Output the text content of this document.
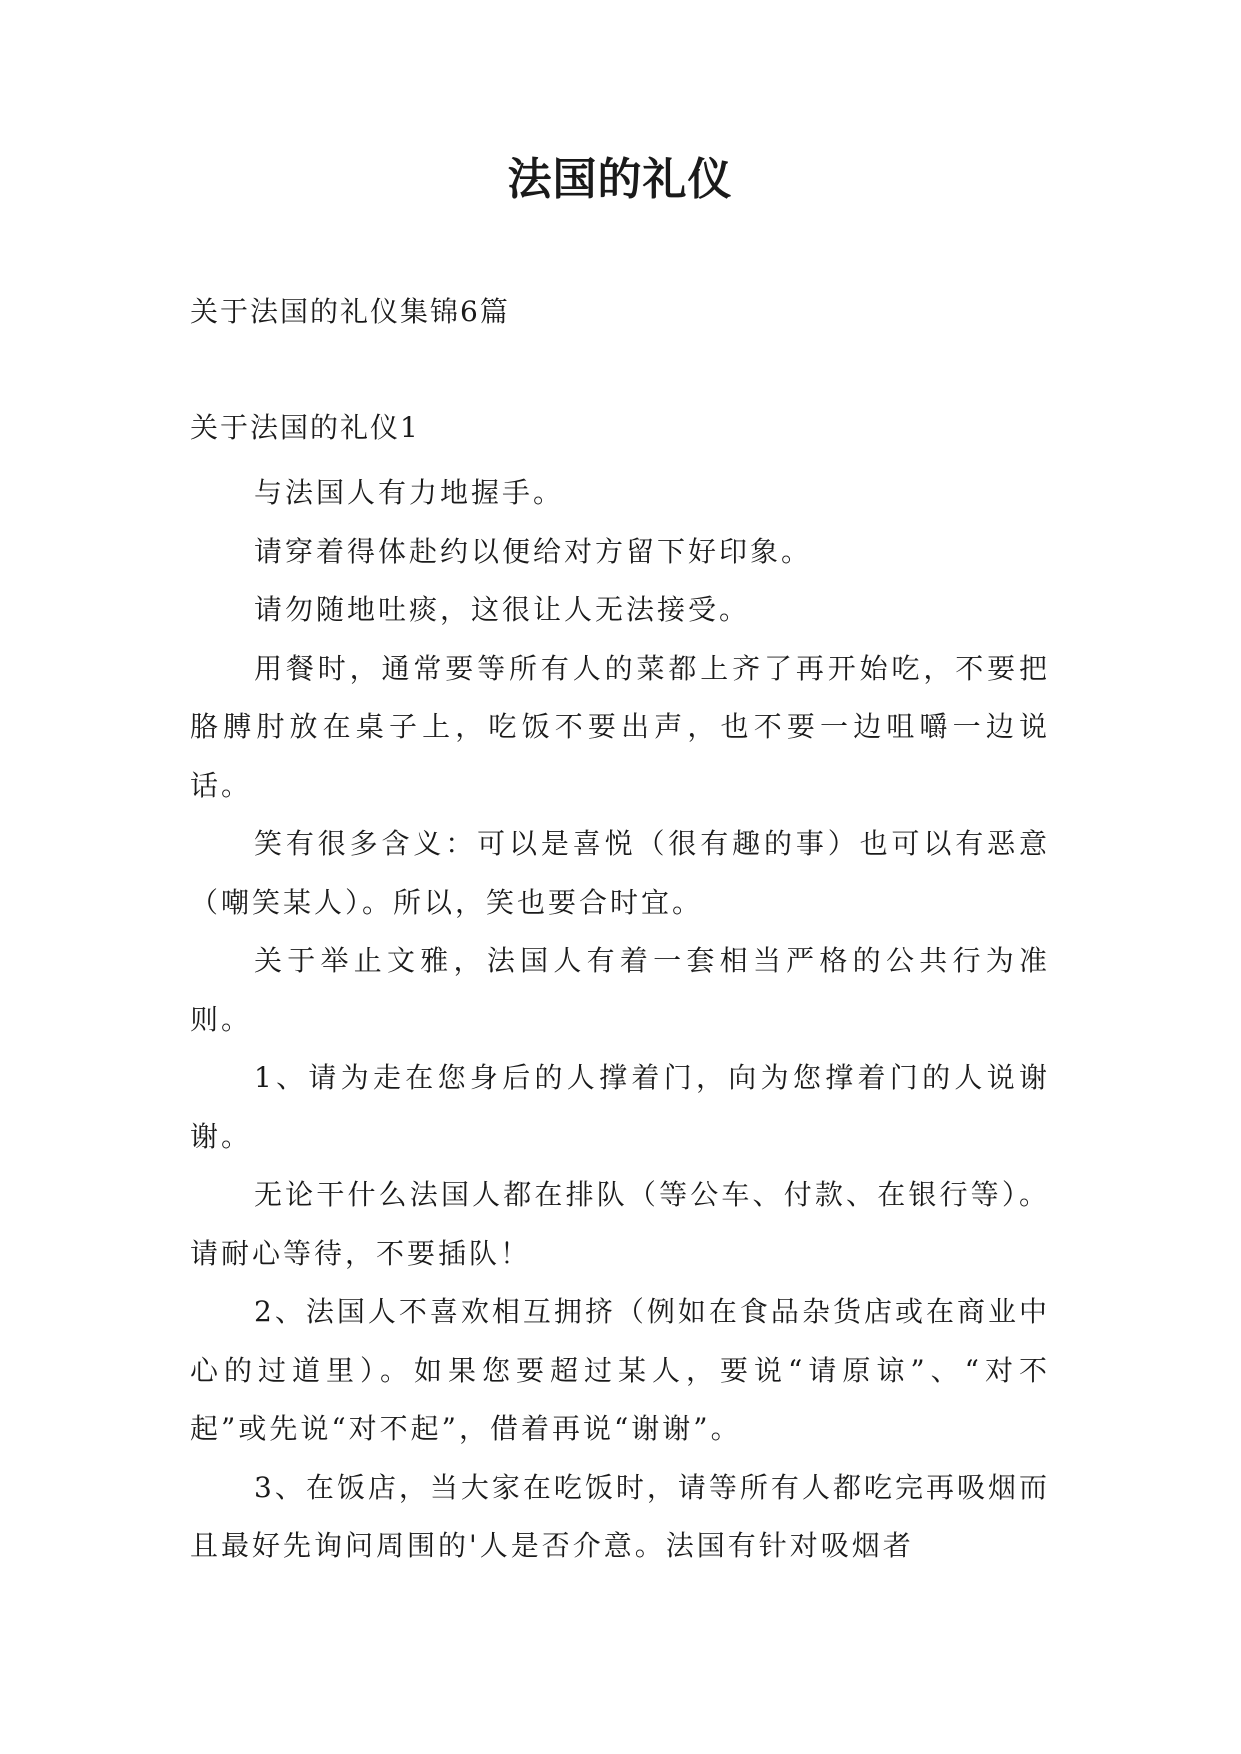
法国的礼仪
关于法国的礼仪集锦6篇
关于法国的礼仪1

与法国人有力地握手。

请穿着得体赴约以便给对方留下好印象。

请勿随地吐痰，这很让人无法接受。

用餐时，通常要等所有人的菜都上齐了再开始吃，不要把胳膊肘放在桌子上，吃饭不要出声，也不要一边咀嚼一边说话。

笑有很多含义：可以是喜悦（很有趣的事）也可以有恶意（嘲笑某人）。所以，笑也要合时宜。

关于举止文雅，法国人有着一套相当严格的公共行为准则。

1、请为走在您身后的人撑着门，向为您撑着门的人说谢谢。

无论干什么法国人都在排队（等公车、付款、在银行等）。请耐心等待，不要插队！

2、法国人不喜欢相互拥挤（例如在食品杂货店或在商业中心的过道里）。如果您要超过某人，要说“请原谅”、“对不起”或先说“对不起”，借着再说“谢谢”。

3、在饭店，当大家在吃饭时，请等所有人都吃完再吸烟而且最好先询问周围的'人是否介意。法国有针对吸烟者
